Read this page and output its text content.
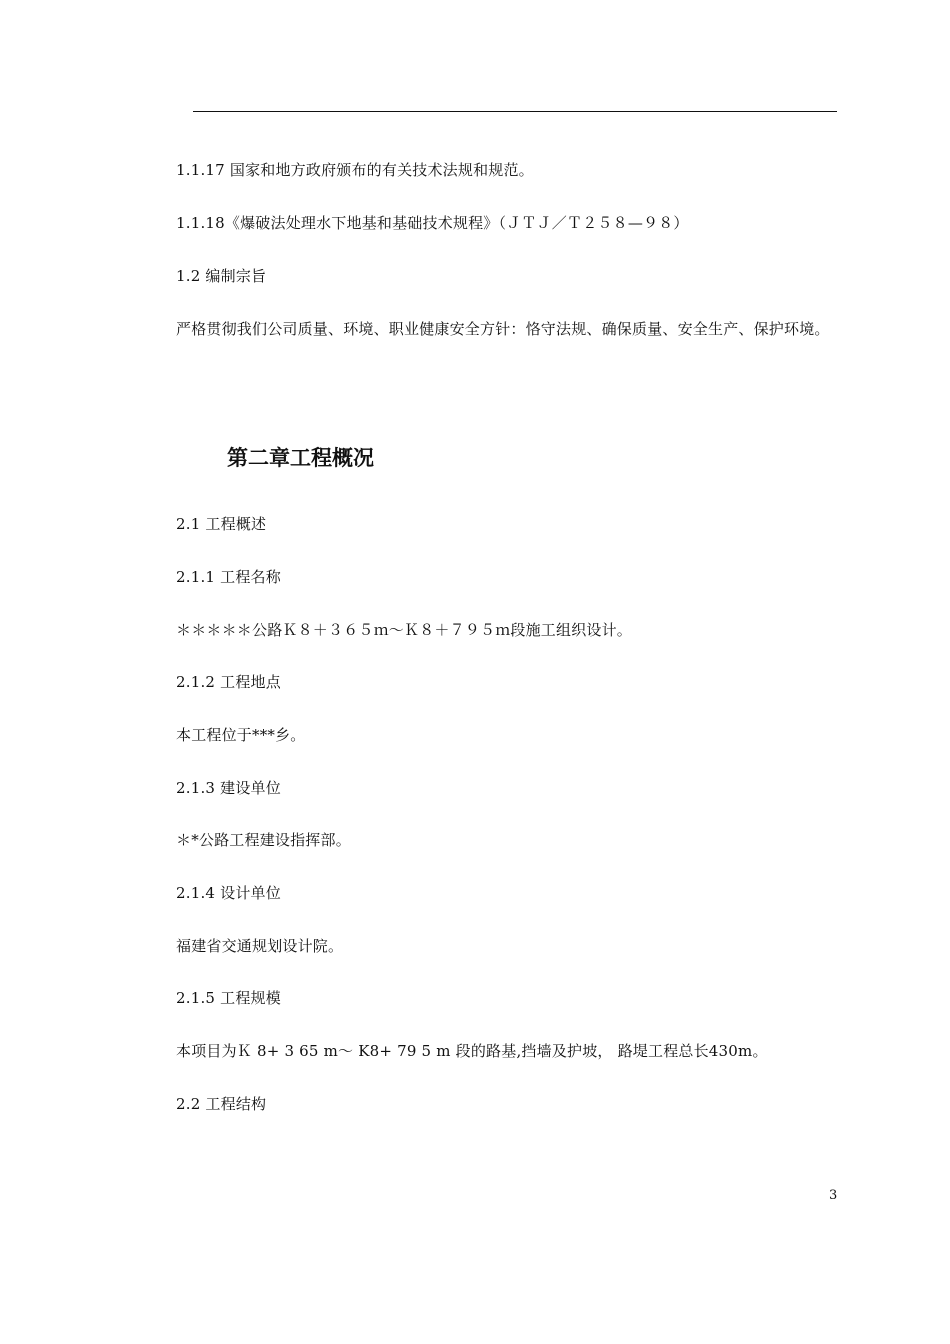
1.1.17 国家和地方政府颁布的有关技术法规和规范。
1.1.18《爆破法处理水下地基和基础技术规程》（ＪＴＪ／Ｔ２５８—９８）
1.2 编制宗旨
严格贯彻我们公司质量、环境、职业健康安全方针：恪守法规、确保质量、安全生产、保护环境。
第二章工程概况
2.1 工程概述
2.1.1 工程名称
＊＊＊＊＊公路Ｋ８＋３６５ｍ～Ｋ８＋７９５ｍ段施工组织设计。
2.1.2 工程地点
本工程位于***乡。
2.1.3 建设单位
＊*公路工程建设指挥部。
2.1.4 设计单位
福建省交通规划设计院。
2.1.5 工程规模
本项目为Ｋ 8+ 3 65 m～ K8+ 79 5 m 段的路基,挡墙及护坡， 路堤工程总长430m。
2.2 工程结构
3
